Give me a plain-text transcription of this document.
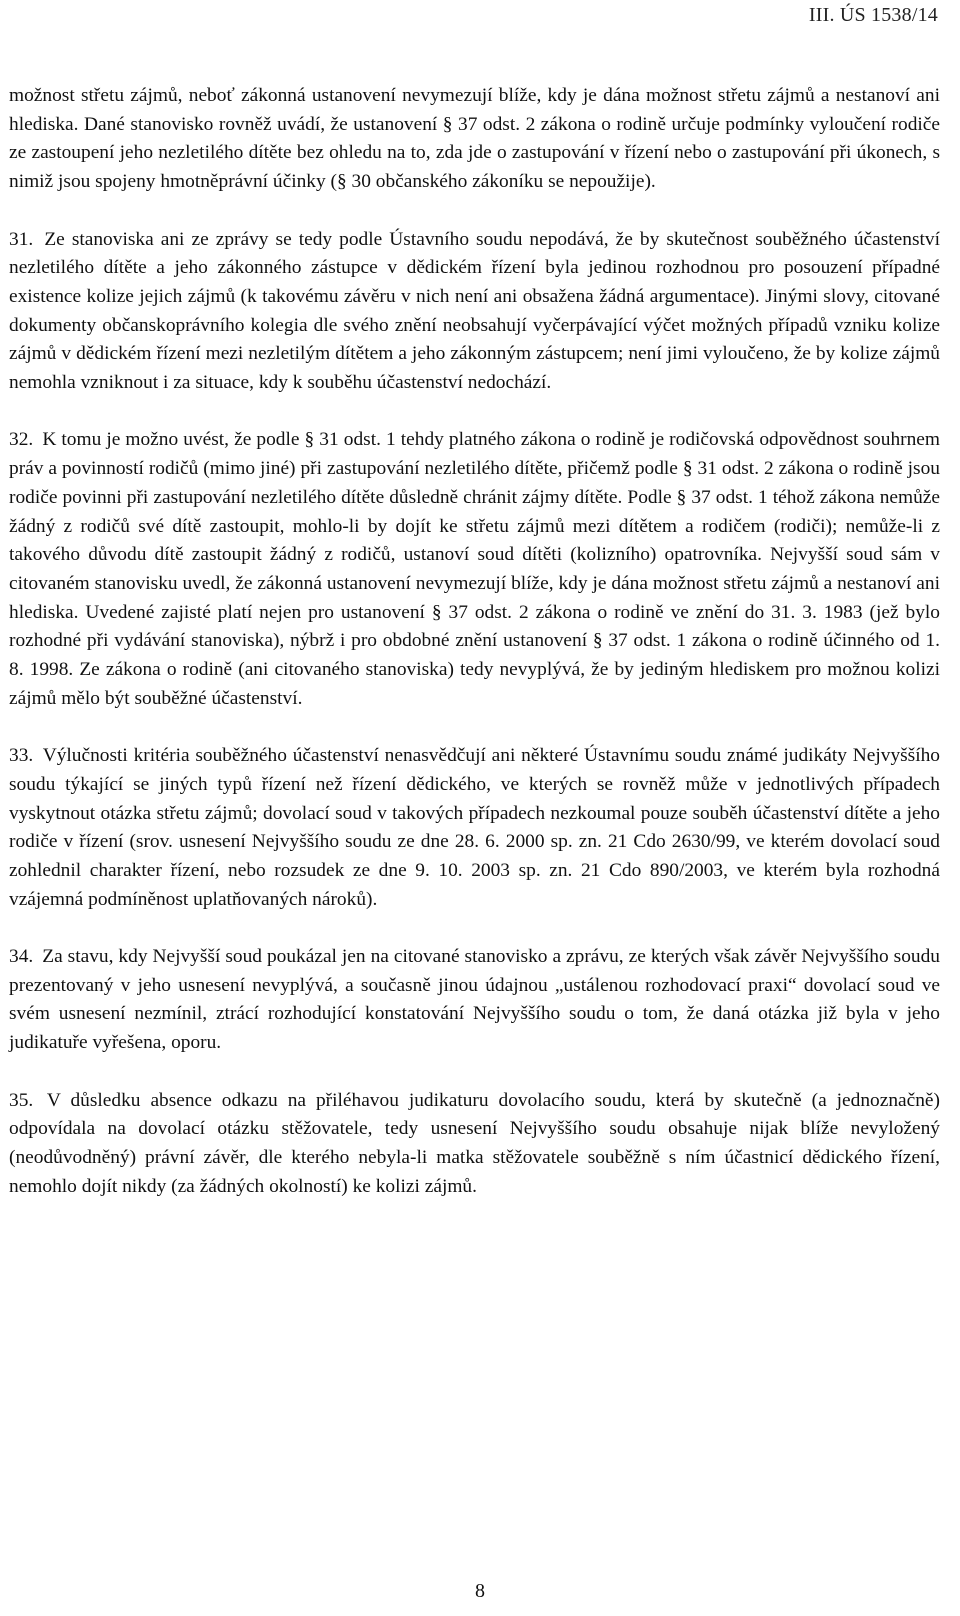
III. ÚS 1538/14

možnost střetu zájmů, neboť zákonná ustanovení nevymezují blíže, kdy je dána možnost střetu zájmů a nestanoví ani hlediska. Dané stanovisko rovněž uvádí, že ustanovení § 37 odst. 2 zákona o rodině určuje podmínky vyloučení rodiče ze zastoupení jeho nezletilého dítěte bez ohledu na to, zda jde o zastupování v řízení nebo o zastupování při úkonech, s nimiž jsou spojeny hmotněprávní účinky (§ 30 občanského zákoníku se nepoužije).

31. Ze stanoviska ani ze zprávy se tedy podle Ústavního soudu nepodává, že by skutečnost souběžného účastenství nezletilého dítěte a jeho zákonného zástupce v dědickém řízení byla jedinou rozhodnou pro posouzení případné existence kolize jejich zájmů (k takovému závěru v nich není ani obsažena žádná argumentace). Jinými slovy, citované dokumenty občanskoprávního kolegia dle svého znění neobsahují vyčerpávající výčet možných případů vzniku kolize zájmů v dědickém řízení mezi nezletilým dítětem a jeho zákonným zástupcem; není jimi vyloučeno, že by kolize zájmů nemohla vzniknout i za situace, kdy k souběhu účastenství nedochází.

32. K tomu je možno uvést, že podle § 31 odst. 1 tehdy platného zákona o rodině je rodičovská odpovědnost souhrnem práv a povinností rodičů (mimo jiné) při zastupování nezletilého dítěte, přičemž podle § 31 odst. 2 zákona o rodině jsou rodiče povinni při zastupování nezletilého dítěte důsledně chránit zájmy dítěte. Podle § 37 odst. 1 téhož zákona nemůže žádný z rodičů své dítě zastoupit, mohlo-li by dojít ke střetu zájmů mezi dítětem a rodičem (rodiči); nemůže-li z takového důvodu dítě zastoupit žádný z rodičů, ustanoví soud dítěti (kolizního) opatrovníka. Nejvyšší soud sám v citovaném stanovisku uvedl, že zákonná ustanovení nevymezují blíže, kdy je dána možnost střetu zájmů a nestanoví ani hlediska. Uvedené zajisté platí nejen pro ustanovení § 37 odst. 2 zákona o rodině ve znění do 31. 3. 1983 (jež bylo rozhodné při vydávání stanoviska), nýbrž i pro obdobné znění ustanovení § 37 odst. 1 zákona o rodině účinného od 1. 8. 1998. Ze zákona o rodině (ani citovaného stanoviska) tedy nevyplývá, že by jediným hlediskem pro možnou kolizi zájmů mělo být souběžné účastenství.

33. Výlučnosti kritéria souběžného účastenství nenasvědčují ani některé Ústavnímu soudu známé judikáty Nejvyššího soudu týkající se jiných typů řízení než řízení dědického, ve kterých se rovněž může v jednotlivých případech vyskytnout otázka střetu zájmů; dovolací soud v takových případech nezkoumal pouze souběh účastenství dítěte a jeho rodiče v řízení (srov. usnesení Nejvyššího soudu ze dne 28. 6. 2000 sp. zn. 21 Cdo 2630/99, ve kterém dovolací soud zohlednil charakter řízení, nebo rozsudek ze dne 9. 10. 2003 sp. zn. 21 Cdo 890/2003, ve kterém byla rozhodná vzájemná podmíněnost uplatňovaných nároků).

34. Za stavu, kdy Nejvyšší soud poukázal jen na citované stanovisko a zprávu, ze kterých však závěr Nejvyššího soudu prezentovaný v jeho usnesení nevyplývá, a současně jinou údajnou „ustálenou rozhodovací praxi“ dovolací soud ve svém usnesení nezmínil, ztrácí rozhodující konstatování Nejvyššího soudu o tom, že daná otázka již byla v jeho judikatuře vyřešena, oporu.

35. V důsledku absence odkazu na přiléhavou judikaturu dovolacího soudu, která by skutečně (a jednoznačně) odpovídala na dovolací otázku stěžovatele, tedy usnesení Nejvyššího soudu obsahuje nijak blíže nevyložený (neodůvodněný) právní závěr, dle kterého nebyla-li matka stěžovatele souběžně s ním účastnicí dědického řízení, nemohlo dojít nikdy (za žádných okolností) ke kolizi zájmů.

8
